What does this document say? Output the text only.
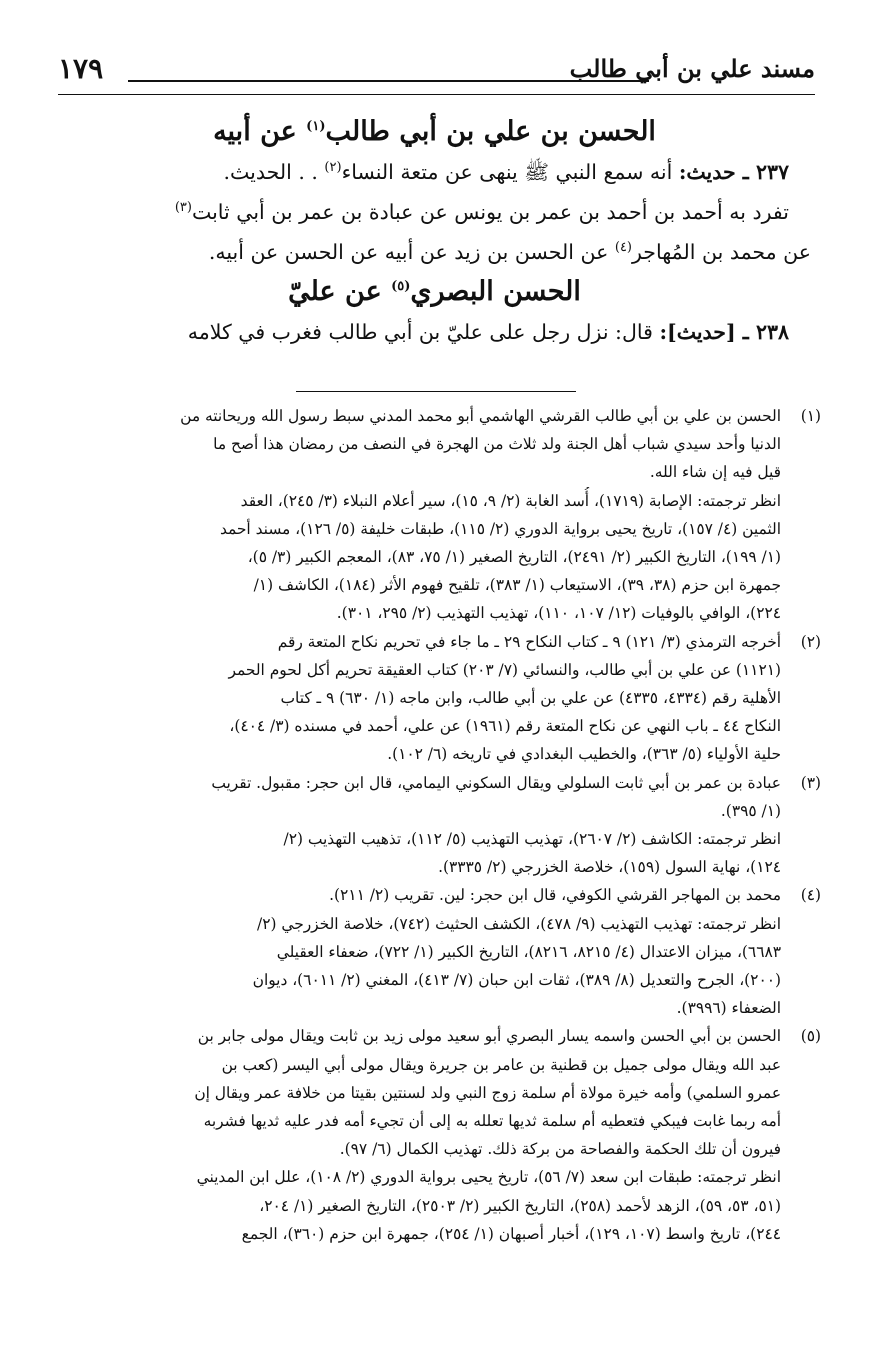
مسند علي بن أبي طالب
١٧٩

الحسن بن علي بن أبي طالب$^{(١)}$ عن أبيه

٢٣٧ ـ حديث: أنه سمع النبي ﷺ ينهى عن متعة النساء$^{(٢)}$ . . الحديث.

تفرد به أحمد بن أحمد بن عمر بن يونس عن عبادة بن عمر بن أبي ثابت$^{(٣)}$

عن محمد بن المُهاجر$^{(٤)}$ عن الحسن بن زيد عن أبيه عن الحسن عن أبيه.

الحسن البصري$^{(٥)}$ عن عليّ

٢٣٨ ـ [حديث]: قال: نزل رجل على عليّ بن أبي طالب فغرب في كلامه

(١)
الحسن بن علي بن أبي طالب القرشي الهاشمي أبو محمد المدني سبط رسول الله وريحانته من
الدنيا وأحد سيدي شباب أهل الجنة ولد ثلاث من الهجرة في النصف من رمضان هذا أصح ما
قيل فيه إن شاء الله.
انظر ترجمته: الإصابة (١٧١٩)، أُسد الغابة (٢/ ٩، ١٥)، سير أعلام النبلاء (٣/ ٢٤٥)، العقد
الثمين (٤/ ١٥٧)، تاريخ يحيى برواية الدوري (٢/ ١١٥)، طبقات خليفة (٥/ ١٢٦)، مسند أحمد
(١/ ١٩٩)، التاريخ الكبير (٢/ ٢٤٩١)، التاريخ الصغير (١/ ٧٥، ٨٣)، المعجم الكبير (٣/ ٥)،
جمهرة ابن حزم (٣٨، ٣٩)، الاستيعاب (١/ ٣٨٣)، تلقيح فهوم الأثر (١٨٤)، الكاشف (١/
٢٢٤)، الوافي بالوفيات (١٢/ ١٠٧، ١١٠)، تهذيب التهذيب (٢/ ٢٩٥، ٣٠١).
(٢)
أخرجه الترمذي (٣/ ١٢١) ٩ ـ كتاب النكاح ٢٩ ـ ما جاء في تحريم نكاح المتعة رقم
(١١٢١) عن علي بن أبي طالب، والنسائي (٧/ ٢٠٣) كتاب العقيقة تحريم أكل لحوم الحمر
الأهلية رقم (٤٣٣٤، ٤٣٣٥) عن علي بن أبي طالب، وابن ماجه (١/ ٦٣٠) ٩ ـ كتاب
النكاح ٤٤ ـ باب النهي عن نكاح المتعة رقم (١٩٦١) عن علي، أحمد في مسنده (٣/ ٤٠٤)،
حلية الأولياء (٥/ ٣٦٣)، والخطيب البغدادي في تاريخه (٦/ ١٠٢).
(٣)
عبادة بن عمر بن أبي ثابت السلولي ويقال السكوني اليمامي، قال ابن حجر: مقبول. تقريب
(١/ ٣٩٥).
انظر ترجمته: الكاشف (٢/ ٢٦٠٧)، تهذيب التهذيب (٥/ ١١٢)، تذهيب التهذيب (٢/
١٢٤)، نهاية السول (١٥٩)، خلاصة الخزرجي (٢/ ٣٣٣٥).
(٤)
محمد بن المهاجر القرشي الكوفي، قال ابن حجر: لين. تقريب (٢/ ٢١١).
انظر ترجمته: تهذيب التهذيب (٩/ ٤٧٨)، الكشف الحثيث (٧٤٢)، خلاصة الخزرجي (٢/
٦٦٨٣)، ميزان الاعتدال (٤/ ٨٢١٥، ٨٢١٦)، التاريخ الكبير (١/ ٧٢٢)، ضعفاء العقيلي
(٢٠٠)، الجرح والتعديل (٨/ ٣٨٩)، ثقات ابن حبان (٧/ ٤١٣)، المغني (٢/ ٦٠١١)، ديوان
الضعفاء (٣٩٩٦).
(٥)
الحسن بن أبي الحسن واسمه يسار البصري أبو سعيد مولى زيد بن ثابت ويقال مولى جابر بن
عبد الله ويقال مولى جميل بن قطنية بن عامر بن جريرة ويقال مولى أبي اليسر (كعب بن
عمرو السلمي) وأمه خيرة مولاة أم سلمة زوج النبي ولد لسنتين بقيتا من خلافة عمر ويقال إن
أمه ربما غابت فيبكي فتعطيه أم سلمة ثديها تعلله به إلى أن تجيء أمه فدر عليه ثديها فشربه
فيرون أن تلك الحكمة والفصاحة من بركة ذلك. تهذيب الكمال (٦/ ٩٧).
انظر ترجمته: طبقات ابن سعد (٧/ ٥٦)، تاريخ يحيى برواية الدوري (٢/ ١٠٨)، علل ابن المديني
(٥١، ٥٣، ٥٩)، الزهد لأحمد (٢٥٨)، التاريخ الكبير (٢/ ٢٥٠٣)، التاريخ الصغير (١/ ٢٠٤،
٢٤٤)، تاريخ واسط (١٠٧، ١٢٩)، أخبار أصبهان (١/ ٢٥٤)، جمهرة ابن حزم (٣٦٠)، الجمع
